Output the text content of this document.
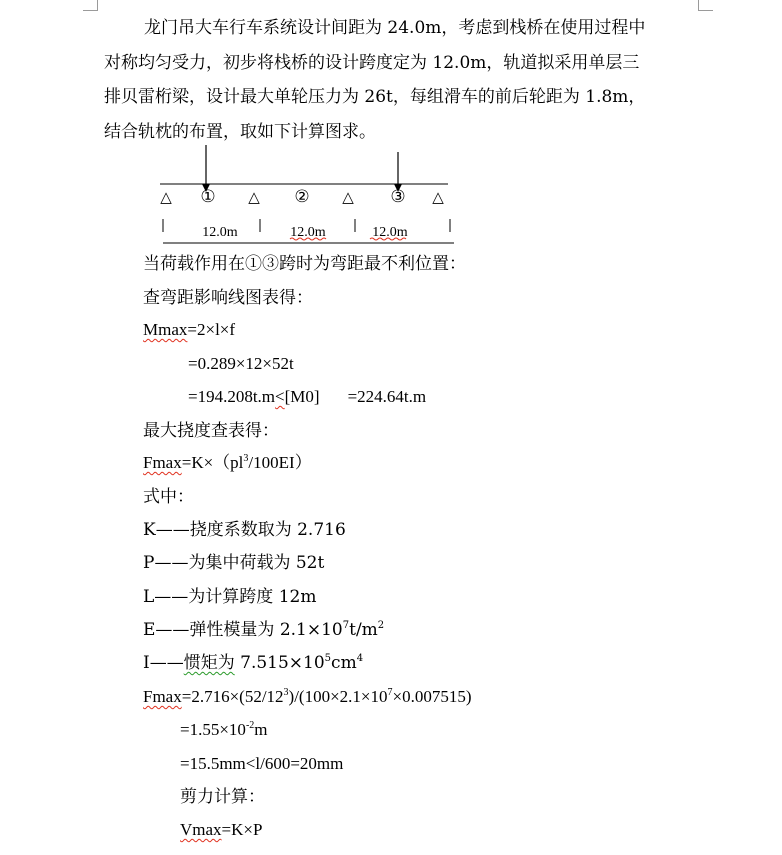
龙门吊大车行车系统设计间距为 24.0m，考虑到栈桥在使用过程中
对称均匀受力，初步将栈桥的设计跨度定为 12.0m，轨道拟采用单层三
排贝雷桁梁，设计最大单轮压力为 26t，每组滑车的前后轮距为 1.8m，
结合轨枕的布置，取如下计算图求。
△	△	△	△
①	②	③
12.0m	12.0m	12.0m
当荷载作用在①③跨时为弯距最不利位置：
查弯距影响线图表得：
Mmax=2×l×f
=0.289×12×52t
=194.208t.m<[M0] =224.64t.m
最大挠度查表得：
$Fmax=K\times(pl^3/100EI)$
式中：
K——挠度系数取为 2.716
P——为集中荷载为 52t
L——为计算跨度 12m
E——弹性模量为 $2.1\times 10^7t/m^2$
I——惯矩为 $7.515\times 10^5cm^4$
$Fmax=2.716\times(52/12^3)/(100\times 2.1\times 10^7\times 0.007515)$
$=1.55\times 10^{-2}m$
=15.5mm<l/600=20mm
剪力计算：
Vmax=K×P
